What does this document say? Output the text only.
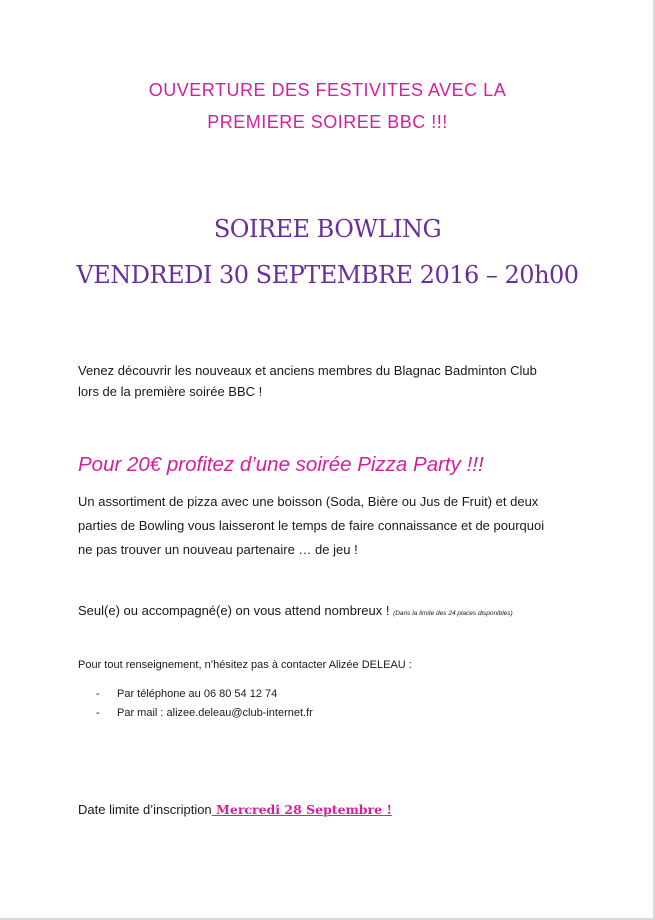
OUVERTURE DES FESTIVITES AVEC LA
PREMIERE SOIREE BBC !!!
SOIREE BOWLING
VENDREDI 30 SEPTEMBRE 2016 – 20h00
Venez découvrir les nouveaux et anciens membres du Blagnac Badminton Club
lors de la première soirée BBC !
Pour 20€ profitez d’une soirée Pizza Party !!!
Un assortiment de pizza avec une boisson (Soda, Bière ou Jus de Fruit) et deux
parties de Bowling vous laisseront le temps de faire connaissance et de pourquoi
ne pas trouver un nouveau partenaire … de jeu !
Seul(e) ou accompagné(e) on vous attend nombreux ! (Dans la limite des 24 places disponibles)
Pour tout renseignement, n’hésitez pas à contacter Alizée DELEAU :
- Par téléphone au 06 80 54 12 74
- Par mail : alizee.deleau@club-internet.fr
Date limite d’inscription Mercredi 28 Septembre !
